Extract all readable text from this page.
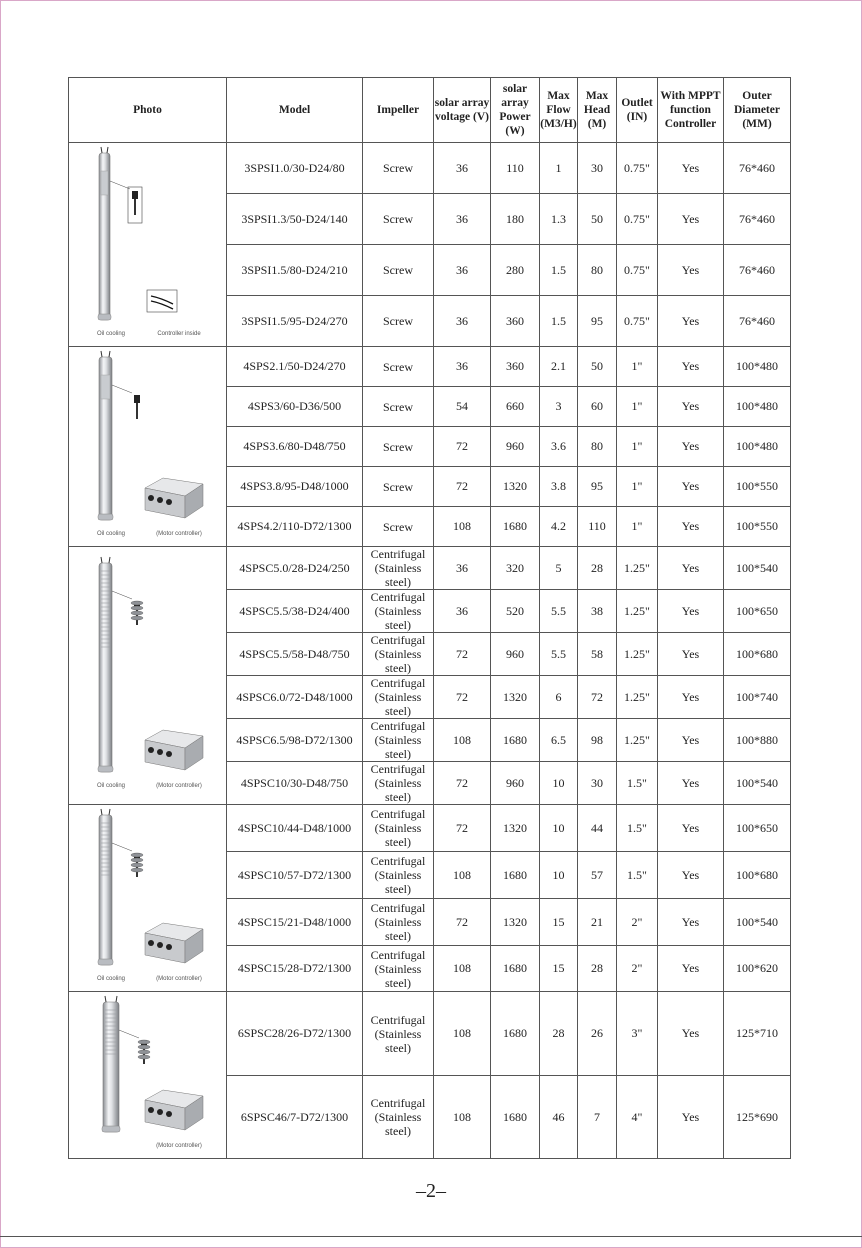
Photo	Model	Impeller	solar array voltage (V)	solar array Power (W)	Max Flow (M3/H)	Max Head (M)	Outlet (IN)	With MPPT function Controller	Outer Diameter (MM)

Oil cooling Controller inside	3SPSI1.0/30-D24/80	Screw	36	110	1	30	0.75"	Yes	76*460
	3SPSI1.3/50-D24/140	Screw	36	180	1.3	50	0.75"	Yes	76*460
	3SPSI1.5/80-D24/210	Screw	36	280	1.5	80	0.75"	Yes	76*460
	3SPSI1.5/95-D24/270	Screw	36	360	1.5	95	0.75"	Yes	76*460

Oil cooling (Motor controller)	4SPS2.1/50-D24/270	Screw	36	360	2.1	50	1"	Yes	100*480
	4SPS3/60-D36/500	Screw	54	660	3	60	1"	Yes	100*480
	4SPS3.6/80-D48/750	Screw	72	960	3.6	80	1"	Yes	100*480
	4SPS3.8/95-D48/1000	Screw	72	1320	3.8	95	1"	Yes	100*550
	4SPS4.2/110-D72/1300	Screw	108	1680	4.2	110	1"	Yes	100*550

Oil cooling (Motor controller)	4SPSC5.0/28-D24/250	Centrifugal (Stainless steel)	36	320	5	28	1.25"	Yes	100*540
	4SPSC5.5/38-D24/400	Centrifugal (Stainless steel)	36	520	5.5	38	1.25"	Yes	100*650
	4SPSC5.5/58-D48/750	Centrifugal (Stainless steel)	72	960	5.5	58	1.25"	Yes	100*680
	4SPSC6.0/72-D48/1000	Centrifugal (Stainless steel)	72	1320	6	72	1.25"	Yes	100*740
	4SPSC6.5/98-D72/1300	Centrifugal (Stainless steel)	108	1680	6.5	98	1.25"	Yes	100*880
	4SPSC10/30-D48/750	Centrifugal (Stainless steel)	72	960	10	30	1.5"	Yes	100*540

Oil cooling (Motor controller)	4SPSC10/44-D48/1000	Centrifugal (Stainless steel)	72	1320	10	44	1.5"	Yes	100*650
	4SPSC10/57-D72/1300	Centrifugal (Stainless steel)	108	1680	10	57	1.5"	Yes	100*680
	4SPSC15/21-D48/1000	Centrifugal (Stainless steel)	72	1320	15	21	2"	Yes	100*540
	4SPSC15/28-D72/1300	Centrifugal (Stainless steel)	108	1680	15	28	2"	Yes	100*620

(Motor controller)	6SPSC28/26-D72/1300	Centrifugal (Stainless steel)	108	1680	28	26	3"	Yes	125*710
	6SPSC46/7-D72/1300	Centrifugal (Stainless steel)	108	1680	46	7	4"	Yes	125*690
–2–
